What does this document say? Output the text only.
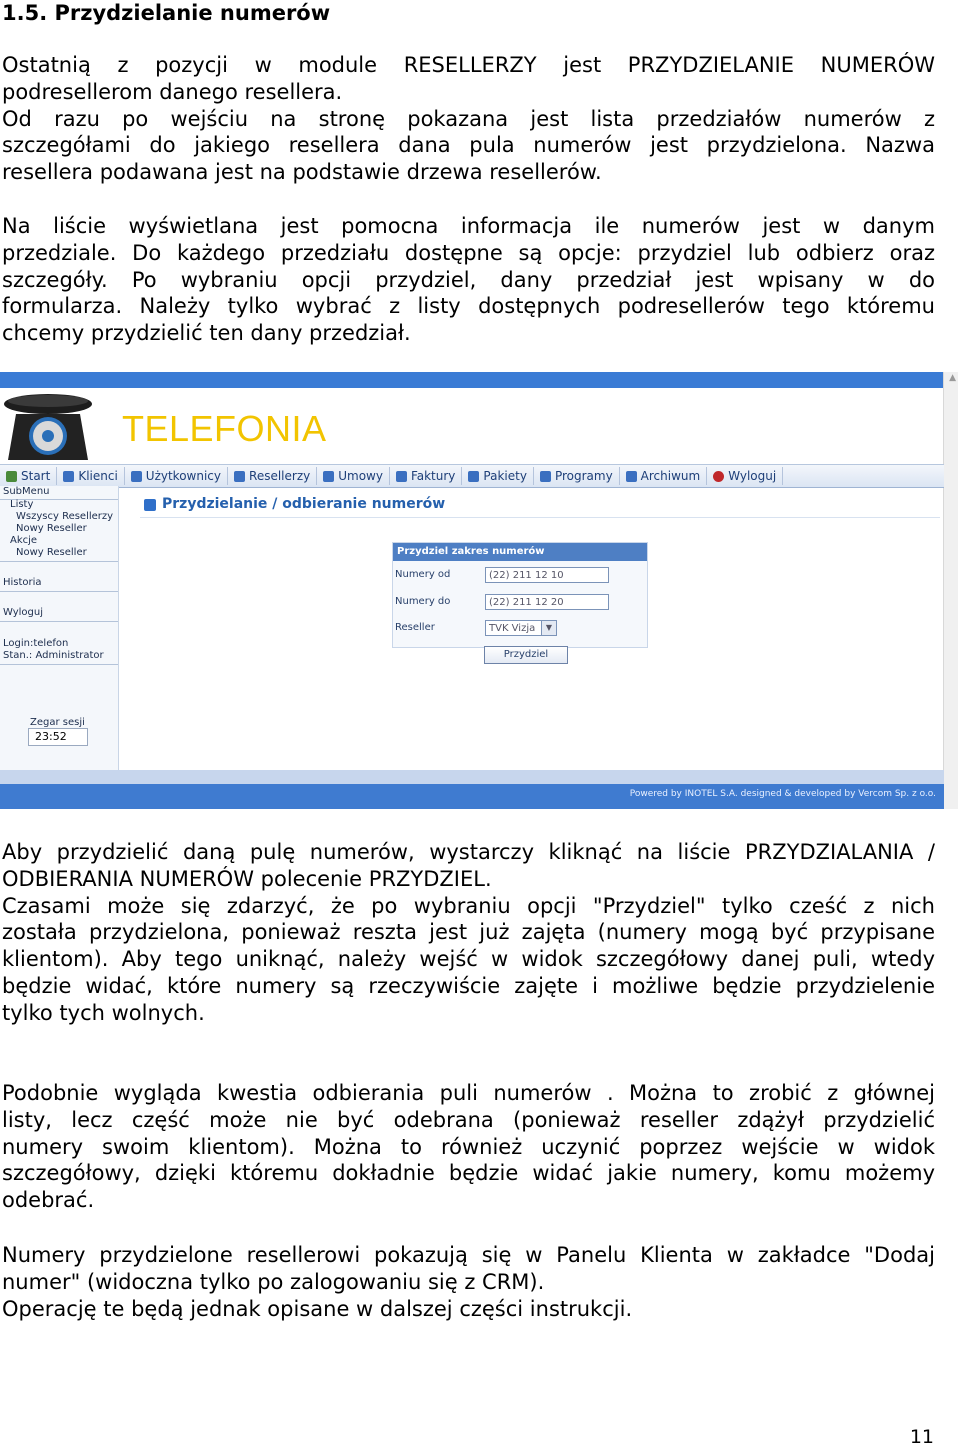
1.5. Przydzielanie numerów

Ostatnią z pozycji w module RESELLERZY jest PRZYDZIELANIE NUMERÓW
podresellerom danego resellera.
Od razu po wejściu na stronę pokazana jest lista przedziałów numerów z
szczegółami do jakiego resellera dana pula numerów jest przydzielona. Nazwa
resellera podawana jest na podstawie drzewa resellerów.

Na liście wyświetlana jest pomocna informacja ile numerów jest w danym
przedziale. Do każdego przedziału dostępne są opcje: przydziel lub odbierz oraz
szczegóły. Po wybraniu opcji przydziel, dany przedział jest wpisany w do
formularza. Należy tylko wybrać z listy dostępnych podresellerów tego któremu
chcemy przydzielić ten dany przedział.

▲
TELEFONIA
Start Klienci Użytkownicy Resellerzy Umowy Faktury Pakiety Programy Archiwum Wyloguj
SubMenu
Listy
Wszyscy Resellerzy
Nowy Reseller
Akcje
Nowy Reseller
Historia
Wyloguj
Login:telefon
Stan.: Administrator
Zegar sesji
23:52
Przydzielanie / odbieranie numerów
Przydziel zakres numerów
Numery od	(22) 211 12 10
Numery do	(22) 211 12 20
Reseller	TVK Vizja	▼
Przydziel
Powered by INOTEL S.A. designed & developed by Vercom Sp. z o.o.

Aby przydzielić daną pulę numerów, wystarczy kliknąć na liście PRZYDZIALANIA /
ODBIERANIA NUMERÓW polecenie PRZYDZIEL.
Czasami może się zdarzyć, że po wybraniu opcji "Przydziel" tylko cześć z nich
została przydzielona, ponieważ reszta jest już zajęta (numery mogą być przypisane
klientom). Aby tego uniknąć, należy wejść w widok szczegółowy danej puli, wtedy
będzie widać, które numery są rzeczywiście zajęte i możliwe będzie przydzielenie
tylko tych wolnych.

Podobnie wygląda kwestia odbierania puli numerów . Można to zrobić z głównej
listy, lecz część może nie być odebrana (ponieważ reseller zdążył przydzielić
numery swoim klientom). Można to również uczynić poprzez wejście w widok
szczegółowy, dzięki któremu dokładnie będzie widać jakie numery, komu możemy
odebrać.

Numery przydzielone resellerowi pokazują się w Panelu Klienta w zakładce "Dodaj
numer" (widoczna tylko po zalogowaniu się z CRM).
Operację te będą jednak opisane w dalszej części instrukcji.

11
